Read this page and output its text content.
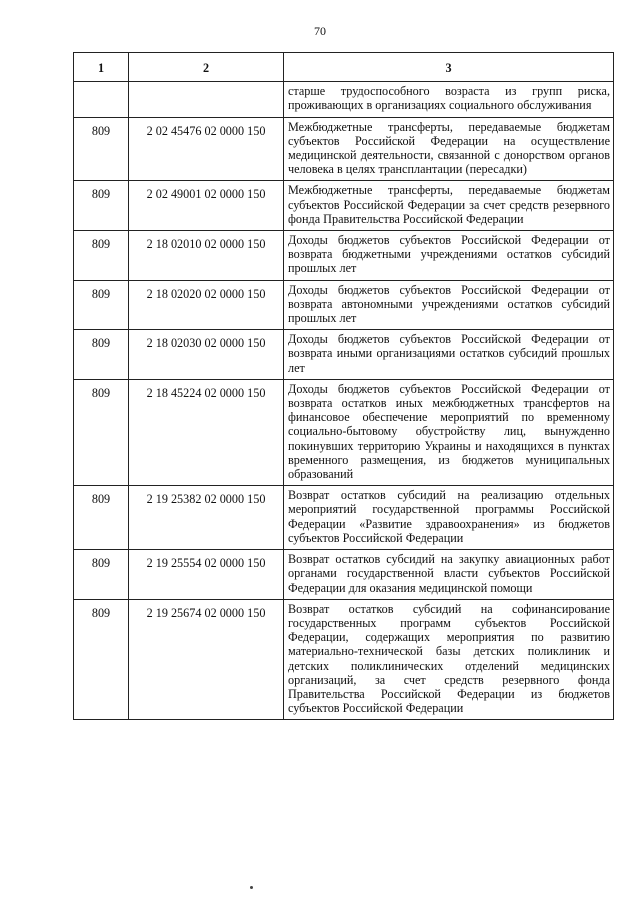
70
1	2	3
		старше трудоспособного возраста из групп риска, проживающих в организациях социального обслуживания
809	2 02 45476 02 0000 150	Межбюджетные трансферты, передаваемые бюджетам субъектов Российской Федерации на осуществление медицинской деятельности, связанной с донорством органов человека в целях трансплантации (пересадки)
809	2 02 49001 02 0000 150	Межбюджетные трансферты, передаваемые бюджетам субъектов Российской Федерации за счет средств резервного фонда Правительства Российской Федерации
809	2 18 02010 02 0000 150	Доходы бюджетов субъектов Российской Федерации от возврата бюджетными учреждениями остатков субсидий прошлых лет
809	2 18 02020 02 0000 150	Доходы бюджетов субъектов Российской Федерации от возврата автономными учреждениями остатков субсидий прошлых лет
809	2 18 02030 02 0000 150	Доходы бюджетов субъектов Российской Федерации от возврата иными организациями остатков субсидий прошлых лет
809	2 18 45224 02 0000 150	Доходы бюджетов субъектов Российской Федерации от возврата остатков иных межбюджетных трансфертов на финансовое обеспечение мероприятий по временному социально-бытовому обустройству лиц, вынужденно покинувших территорию Украины и находящихся в пунктах временного размещения, из бюджетов муниципальных образований
809	2 19 25382 02 0000 150	Возврат остатков субсидий на реализацию отдельных мероприятий государственной программы Российской Федерации «Развитие здравоохранения» из бюджетов субъектов Российской Федерации
809	2 19 25554 02 0000 150	Возврат остатков субсидий на закупку авиационных работ органами государственной власти субъектов Российской Федерации для оказания медицинской помощи
809	2 19 25674 02 0000 150	Возврат остатков субсидий на софинансирование государственных программ субъектов Российской Федерации, содержащих мероприятия по развитию материально-технической базы детских поликлиник и детских поликлинических отделений медицинских организаций, за счет средств резервного фонда Правительства Российской Федерации из бюджетов субъектов Российской Федерации
